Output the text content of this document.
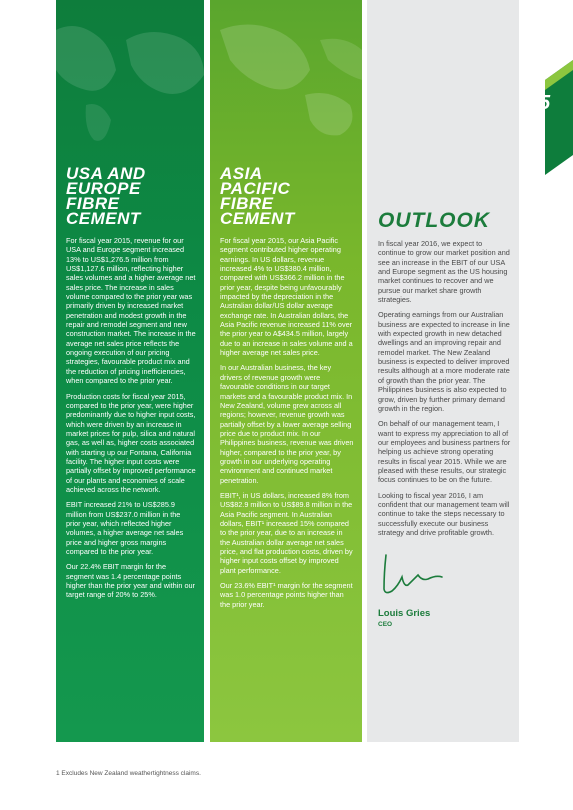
USA AND
EUROPE
FIBRE
CEMENT

For fiscal year 2015, revenue for our USA and Europe segment increased 13% to US$1,276.5 million from US$1,127.6 million, reflecting higher sales volumes and a higher average net sales price. The increase in sales volume compared to the prior year was primarily driven by increased market penetration and modest growth in the repair and remodel segment and new construction market. The increase in the average net sales price reflects the ongoing execution of our pricing strategies, favourable product mix and the reduction of pricing inefficiencies, when compared to the prior year.

Production costs for fiscal year 2015, compared to the prior year, were higher predominantly due to higher input costs, which were driven by an increase in market prices for pulp, silica and natural gas, as well as, higher costs associated with starting up our Fontana, California facility. The higher input costs were partially offset by improved performance of our plants and economies of scale achieved across the network.

EBIT increased 21% to US$285.9 million from US$237.0 million in the prior year, which reflected higher volumes, a higher average net sales price and higher gross margins compared to the prior year.

Our 22.4% EBIT margin for the segment was 1.4 percentage points higher than the prior year and within our target range of 20% to 25%.

ASIA
PACIFIC
FIBRE
CEMENT

For fiscal year 2015, our Asia Pacific segment contributed higher operating earnings. In US dollars, revenue increased 4% to US$380.4 million, compared with US$366.2 million in the prior year, despite being unfavourably impacted by the depreciation in the Australian dollar/US dollar average exchange rate. In Australian dollars, the Asia Pacific revenue increased 11% over the prior year to A$434.5 million, largely due to an increase in sales volume and a higher average net sales price.

In our Australian business, the key drivers of revenue growth were favourable conditions in our target markets and a favourable product mix. In New Zealand, volume grew across all regions; however, revenue growth was partially offset by a lower average selling price due to product mix. In our Philippines business, revenue was driven higher, compared to the prior year, by growth in our underlying operating environment and continued market penetration.

EBIT¹, in US dollars, increased 8% from US$82.9 million to US$89.8 million in the Asia Pacific segment. In Australian dollars, EBIT¹ increased 15% compared to the prior year, due to an increase in the Australian dollar average net sales price, and flat production costs, driven by higher input costs offset by improved plant performance.

Our 23.6% EBIT¹ margin for the segment was 1.0 percentage points higher than the prior year.

OUTLOOK

In fiscal year 2016, we expect to continue to grow our market position and see an increase in the EBIT of our USA and Europe segment as the US housing market continues to recover and we pursue our market share growth strategies.

Operating earnings from our Australian business are expected to increase in line with expected growth in new detached dwellings and an improving repair and remodel market. The New Zealand business is expected to deliver improved results although at a more moderate rate of growth than the prior year. The Philippines business is also expected to grow, driven by further primary demand growth in the region.

On behalf of our management team, I want to express my appreciation to all of our employees and business partners for helping us achieve strong operating results in fiscal year 2015. While we are pleased with these results, our strategic focus continues to be on the future.

Looking to fiscal year 2016, I am confident that our management team will continue to take the steps necessary to successfully execute our business strategy and drive profitable growth.

Louis Gries
CEO
5
1 Excludes New Zealand weathertightness claims.
